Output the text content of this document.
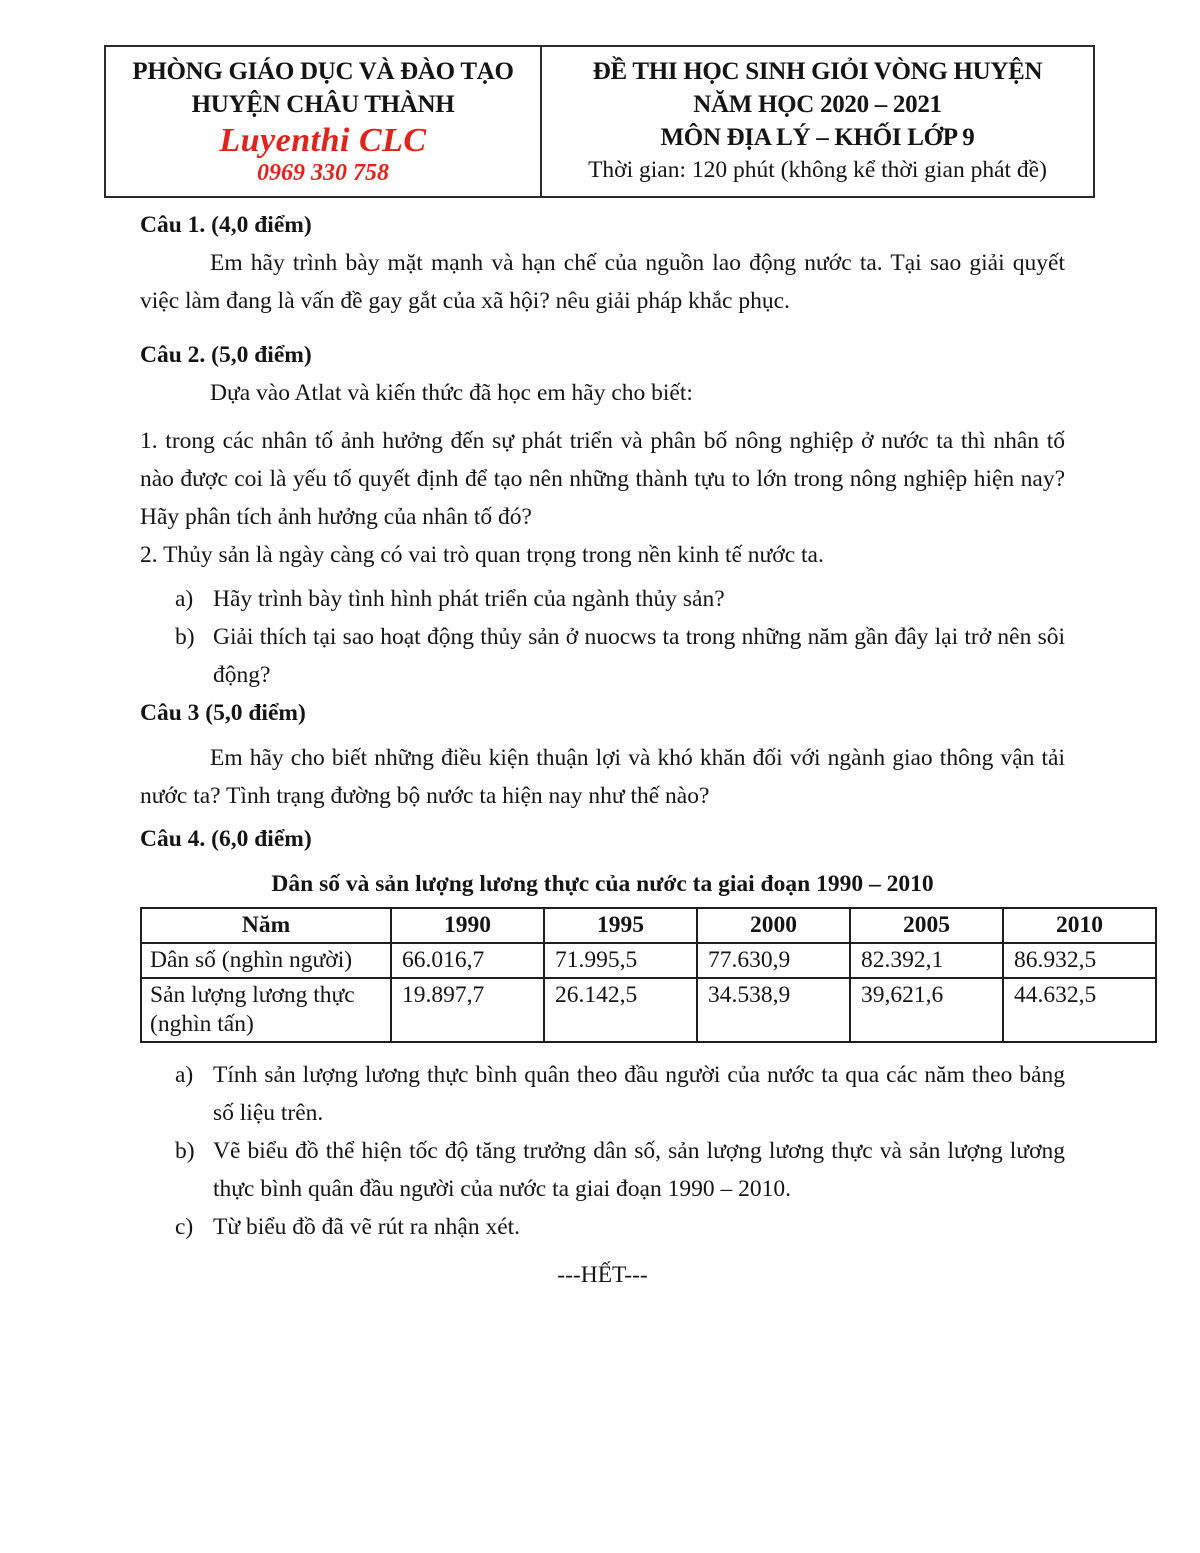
PHÒNG GIÁO DỤC VÀ ĐÀO TẠO
HUYỆN CHÂU THÀNH
Luyenthi CLC
0969 330 758
ĐỀ THI HỌC SINH GIỎI VÒNG HUYỆN
NĂM HỌC 2020 – 2021
MÔN ĐỊA LÝ – KHỐI LỚP 9
Thời gian: 120 phút (không kể thời gian phát đề)
Câu 1. (4,0 điểm)
Em hãy trình bày mặt mạnh và hạn chế của nguồn lao động nước ta. Tại sao giải quyết việc làm đang là vấn đề gay gắt của xã hội? nêu giải pháp khắc phục.
Câu 2. (5,0 điểm)
Dựa vào Atlat và kiến thức đã học em hãy cho biết:
1. trong các nhân tố ảnh hưởng đến sự phát triển và phân bố nông nghiệp ở nước ta thì nhân tố nào được coi là yếu tố quyết định để tạo nên những thành tựu to lớn trong nông nghiệp hiện nay? Hãy phân tích ảnh hưởng của nhân tố đó?
2. Thủy sản là ngày càng có vai trò quan trọng trong nền kinh tế nước ta.
a) Hãy trình bày tình hình phát triển của ngành thủy sản?
b) Giải thích tại sao hoạt động thủy sản ở nuocws ta trong những năm gần đây lại trở nên sôi động?
Câu 3 (5,0 điểm)
Em hãy cho biết những điều kiện thuận lợi và khó khăn đối với ngành giao thông vận tải nước ta? Tình trạng đường bộ nước ta hiện nay như thế nào?
Câu 4. (6,0 điểm)
Dân số và sản lượng lương thực của nước ta giai đoạn 1990 – 2010
Năm	1990	1995	2000	2005	2010
Dân số (nghìn người)	66.016,7	71.995,5	77.630,9	82.392,1	86.932,5
Sản lượng lương thực (nghìn tấn)	19.897,7	26.142,5	34.538,9	39,621,6	44.632,5
a) Tính sản lượng lương thực bình quân theo đầu người của nước ta qua các năm theo bảng số liệu trên.
b) Vẽ biểu đồ thể hiện tốc độ tăng trưởng dân số, sản lượng lương thực và sản lượng lương thực bình quân đầu người của nước ta giai đoạn 1990 – 2010.
c) Từ biểu đồ đã vẽ rút ra nhận xét.
---HẾT---
